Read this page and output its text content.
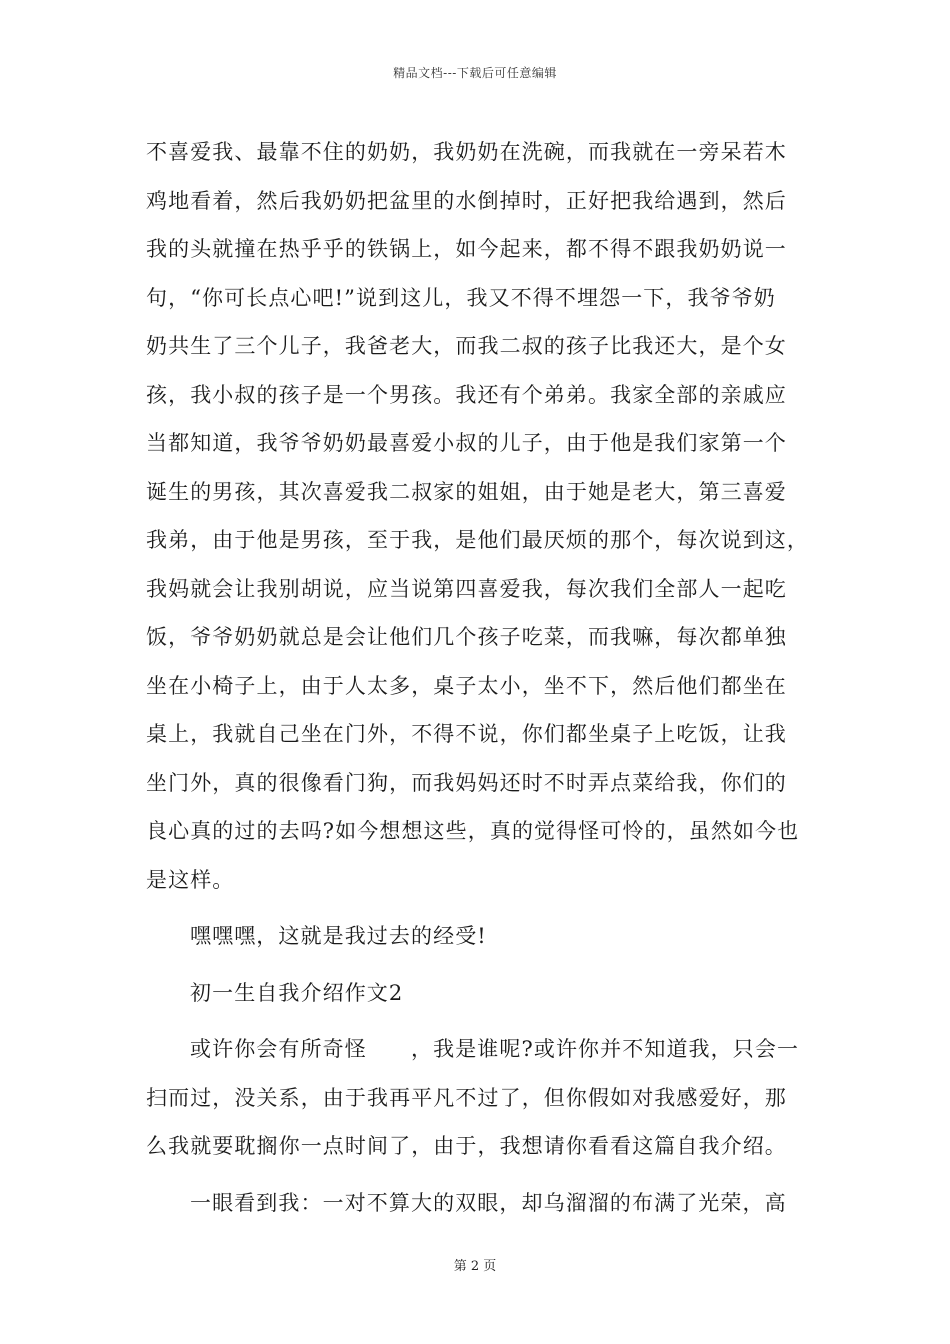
精品文档---下载后可任意编辑
不喜爱我、最靠不住的奶奶，我奶奶在洗碗，而我就在一旁呆若木
鸡地看着，然后我奶奶把盆里的水倒掉时，正好把我给遇到，然后
我的头就撞在热乎乎的铁锅上，如今起来，都不得不跟我奶奶说一
句，“你可长点心吧!”说到这儿，我又不得不埋怨一下，我爷爷奶
奶共生了三个儿子，我爸老大，而我二叔的孩子比我还大，是个女
孩，我小叔的孩子是一个男孩。我还有个弟弟。我家全部的亲戚应
当都知道，我爷爷奶奶最喜爱小叔的儿子，由于他是我们家第一个
诞生的男孩，其次喜爱我二叔家的姐姐，由于她是老大，第三喜爱
我弟，由于他是男孩，至于我，是他们最厌烦的那个，每次说到这，
我妈就会让我别胡说，应当说第四喜爱我，每次我们全部人一起吃
饭，爷爷奶奶就总是会让他们几个孩子吃菜，而我嘛，每次都单独
坐在小椅子上，由于人太多，桌子太小，坐不下，然后他们都坐在
桌上，我就自己坐在门外，不得不说，你们都坐桌子上吃饭，让我
坐门外，真的很像看门狗，而我妈妈还时不时弄点菜给我，你们的
良心真的过的去吗?如今想想这些，真的觉得怪可怜的，虽然如今也
是这样。
嘿嘿嘿，这就是我过去的经受!
初一生自我介绍作文2
或许你会有所奇怪　　，我是谁呢?或许你并不知道我，只会一
扫而过，没关系，由于我再平凡不过了，但你假如对我感爱好，那
么我就要耽搁你一点时间了，由于，我想请你看看这篇自我介绍。
一眼看到我：一对不算大的双眼，却乌溜溜的布满了光荣，高
第 2 页
